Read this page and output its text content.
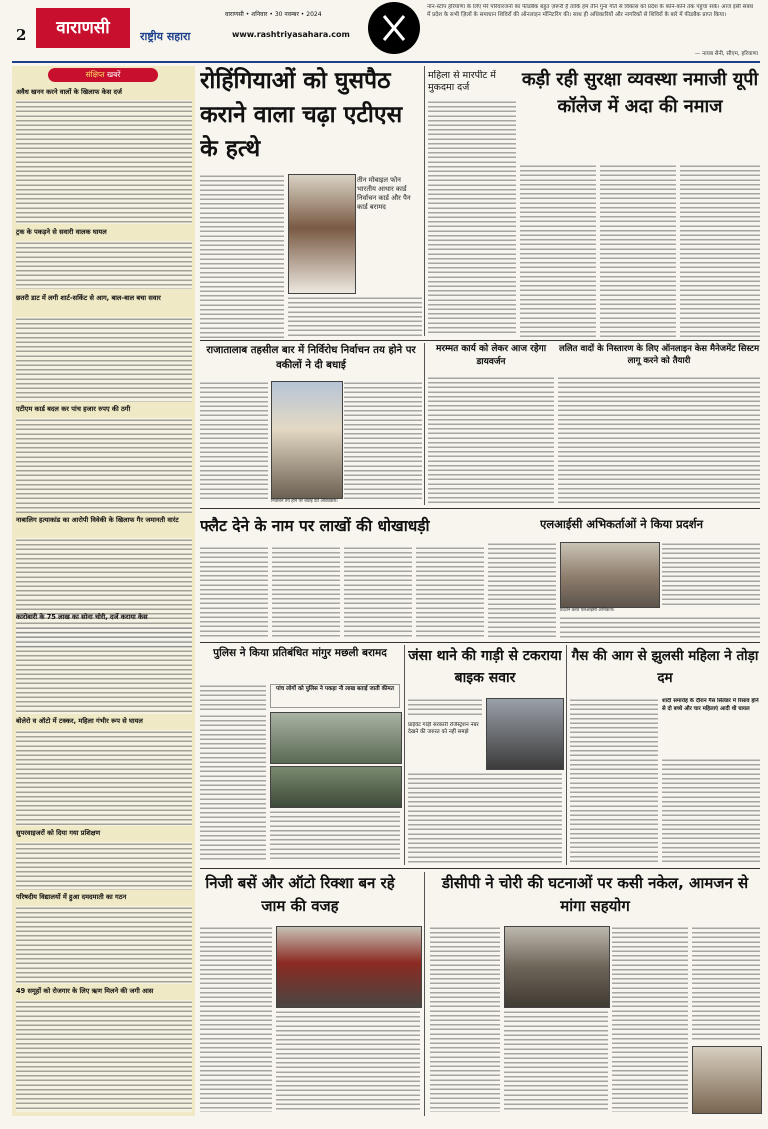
2	वाराणसी
वाराणसी • शनिवार • 30 नवम्बर • 2024
राष्ट्रीय सहारा	www.rashtriyasahara.com
नॉन-स्टॉप हरियाणा के लिए मेरे परिवारजनों का फीडबैक बहुत ज़रूरी है ताकि हम तीन गुना गति से विकास को प्रदेश के कोने-कोने तक पहुंचा सकें। आज इसी संबंध में प्रदेश के सभी ज़िलों के समाधान शिविरों की ऑनलाइन मॉनिटरिंग की। साथ ही अधिकारियों और नागरिकों से शिविरों के बारे में फीडबैक प्राप्त किया।
— नायब सैनी, सीएम, हरियाणा
संक्षिप्त खबरें
अवैध खनन करने वालों के खिलाफ केस दर्ज
ट्रक के पकड़ने से सवारी वालक घायल
छतरी डाट में लगी शार्ट-सर्किट से आग, बाल-बाल बचा सवार
एटीएम कार्ड बदल कर पांच हजार रुपए की ठगी
नाबालिग हत्याकांड का आरोपी विवेकी के खिलाफ गैर जमानती वारंट
कारोबारी के 75 लाख का सोना चोरी, दर्जे कराया केस
बोलेरो व ऑटो में टक्कर, महिला गंभीर रूप से घायल
सुपरवाइजरों को दिया गया प्रशिक्षण
परिषदीय विद्यालयों में हुआ दमदमाती का गठन
49 समूहों को रोजगार के लिए ऋण मिलने की जगी आस
रोहिंगियाओं को घुसपैठ कराने वाला चढ़ा एटीएस के हत्थे
तीन मोबाइल फोन भारतीय आधार कार्ड निर्वाचन कार्ड और पैन कार्ड बरामद
महिला से मारपीट में मुकदमा दर्ज	कड़ी रही सुरक्षा व्यवस्था नमाजी यूपी कॉलेज में अदा की नमाज
राजातालाब तहसील बार में निर्विरोध निर्वाचन तय होने पर वकीलों ने दी बधाई
निर्वाचन तय होने पर बधाई देते अधिवक्ता।
मरम्मत कार्य को लेकर आज रहेगा डायवर्जन
ललित वादों के निस्तारण के लिए ऑनलाइन केस मैनेजमेंट सिस्टम लागू करने को तैयारी
फ्लैट देने के नाम पर लाखों की धोखाधड़ी	एलआईसी अभिकर्ताओं ने किया प्रदर्शन
प्रदर्शन करते एलआईसी अभिकर्ता।
पुलिस ने किया प्रतिबंधित मांगुर मछली बरामद
पांच लोगों को पुलिस ने पकड़ा नौ लाख बताई जाती कीमत
जंसा थाने की गाड़ी से टकराया बाइक सवार
प्राईवेट गाड़ी सरकारी रजिस्ट्रेशन नंबर देखने की जरुरत को नहीं समझे
गैस की आग से झुलसी महिला ने तोड़ा दम
शादी समारोह के दौरान गैस सिलेंडर में रिसाव होने से दो बच्चे और चार महिलाएं आदी थी घायल
निजी बसें और ऑटो रिक्शा बन रहे जाम की वजह
डीसीपी ने चोरी की घटनाओं पर कसी नकेल, आमजन से मांगा सहयोग
